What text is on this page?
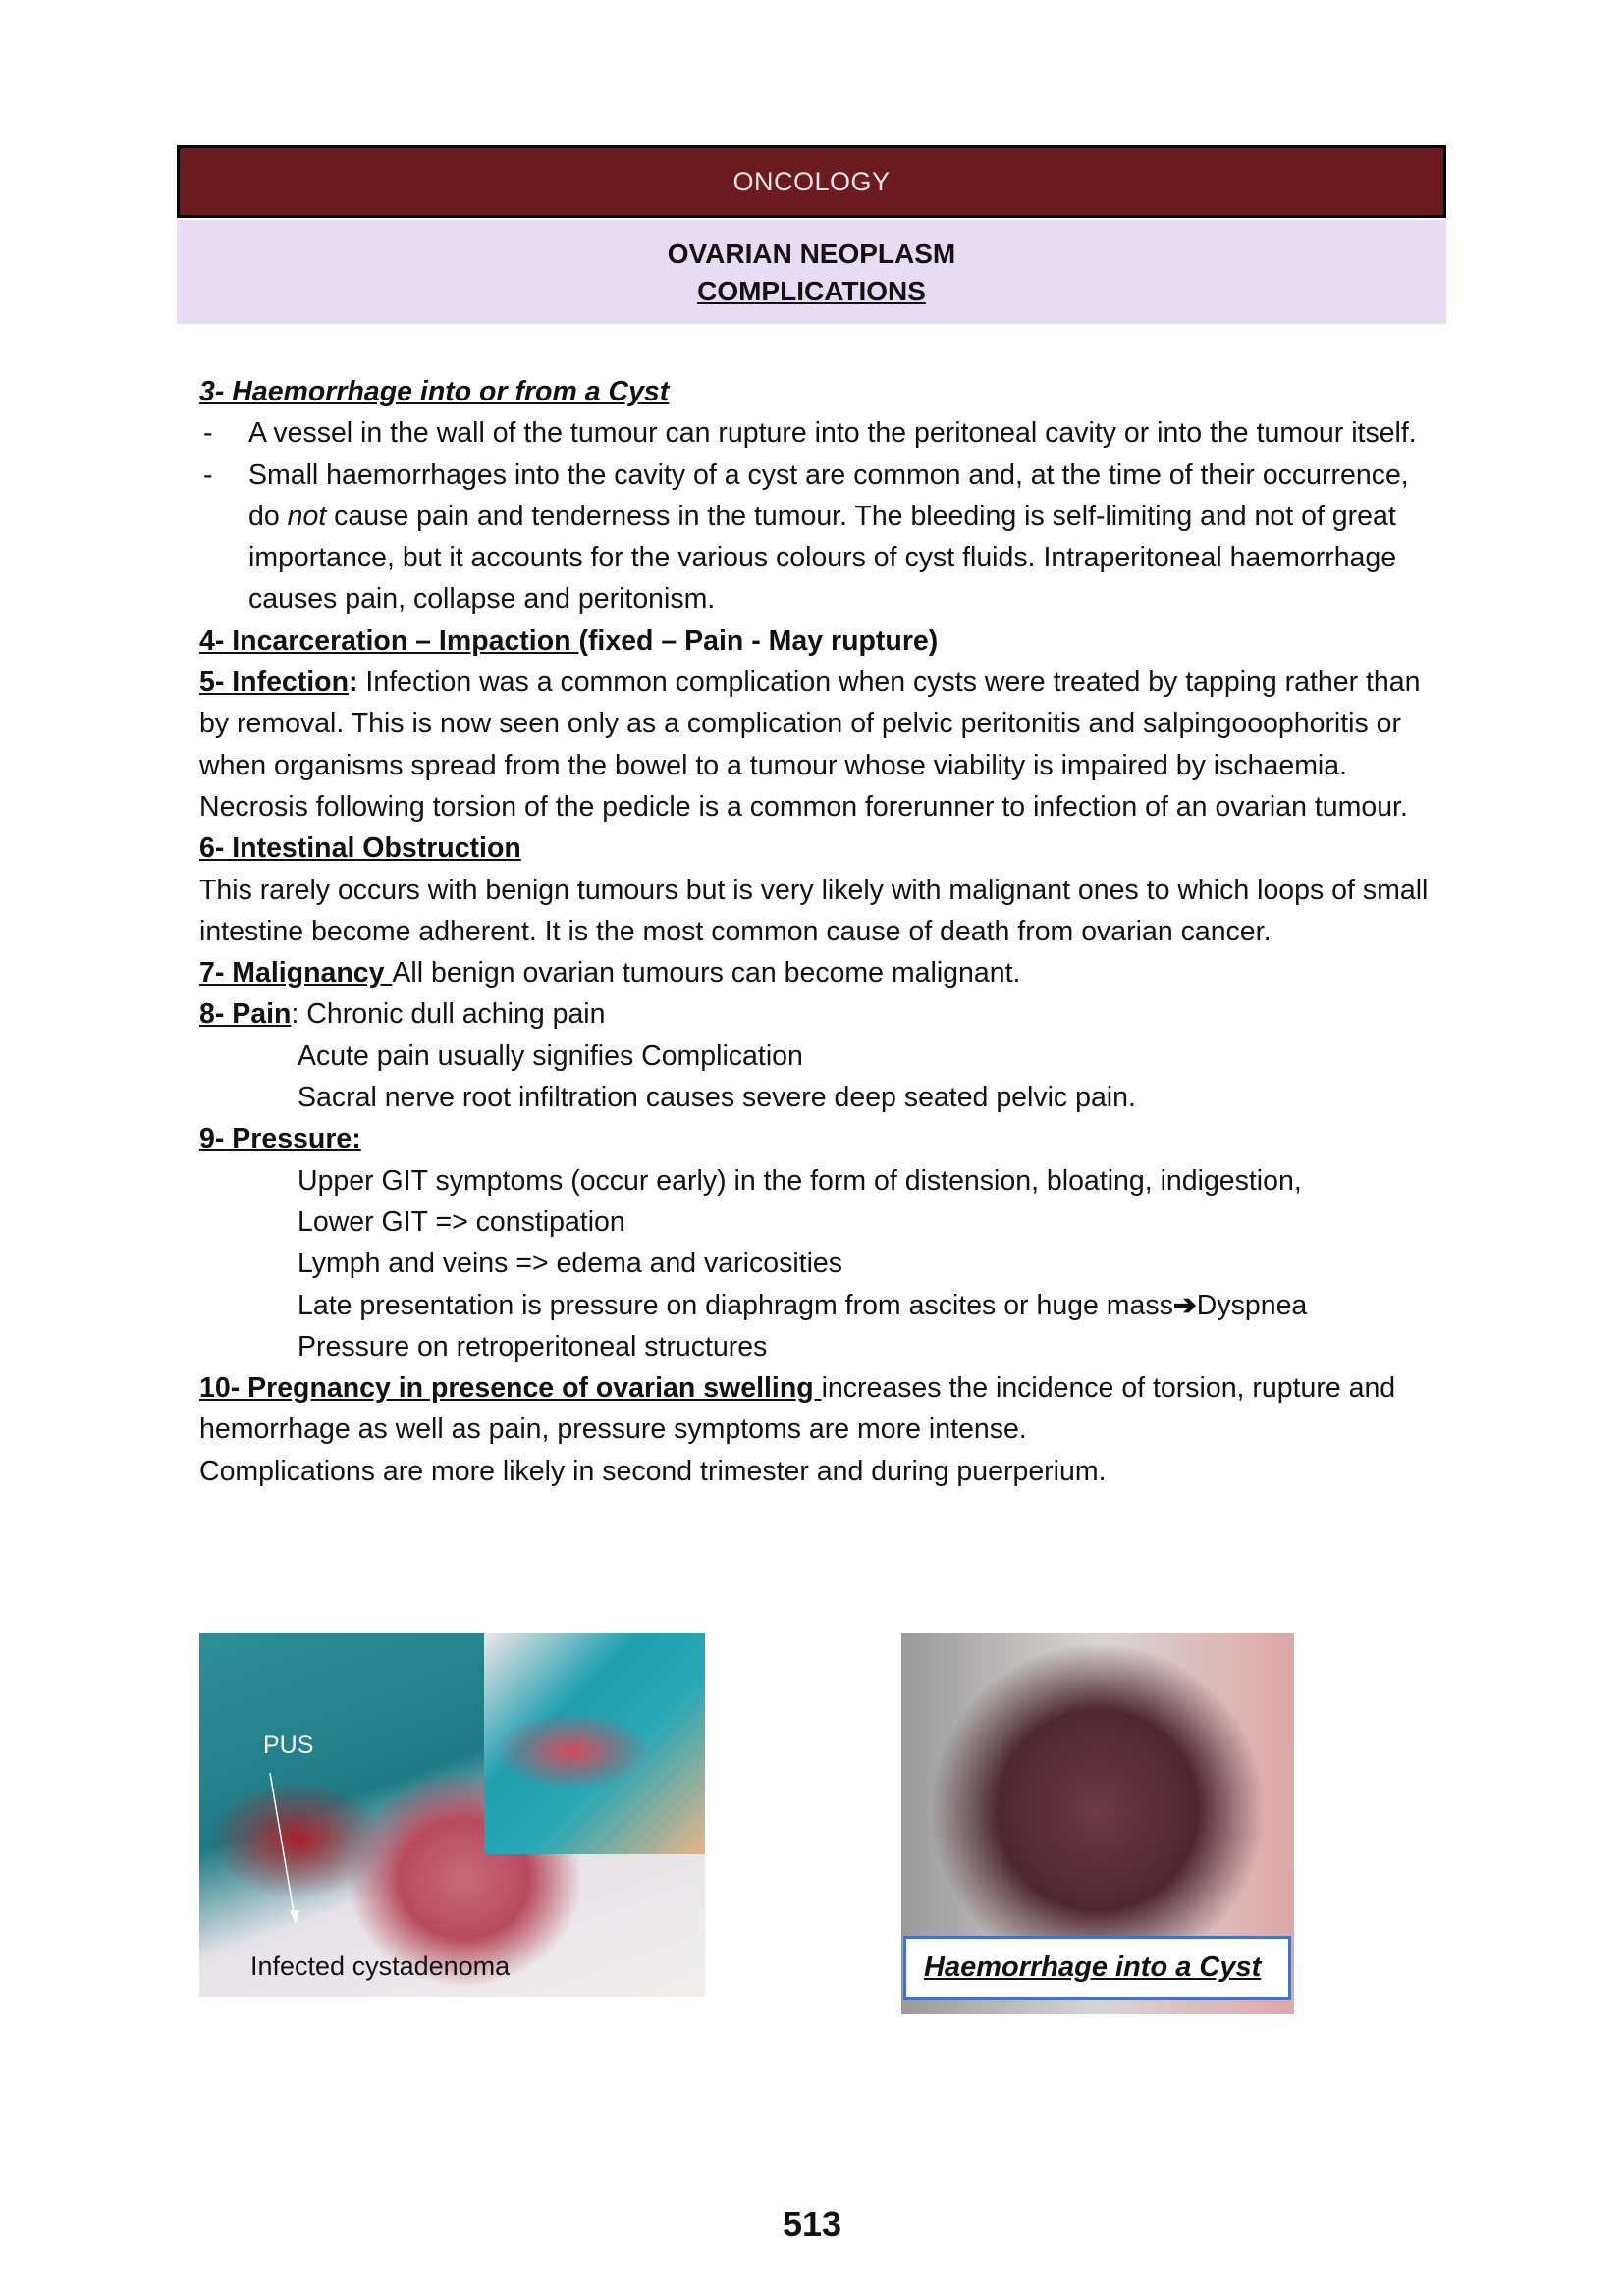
ONCOLOGY
OVARIAN NEOPLASM
COMPLICATIONS

3- Haemorrhage into or from a Cyst

- A vessel in the wall of the tumour can rupture into the peritoneal cavity or into the tumour itself.

- Small haemorrhages into the cavity of a cyst are common and, at the time of their occurrence, do not cause pain and tenderness in the tumour. The bleeding is self-limiting and not of great importance, but it accounts for the various colours of cyst fluids. Intraperitoneal haemorrhage causes pain, collapse and peritonism.

4- Incarceration – Impaction (fixed – Pain - May rupture)

5- Infection: Infection was a common complication when cysts were treated by tapping rather than by removal. This is now seen only as a complication of pelvic peritonitis and salpingooophoritis or when organisms spread from the bowel to a tumour whose viability is impaired by ischaemia. Necrosis following torsion of the pedicle is a common forerunner to infection of an ovarian tumour.

6- Intestinal Obstruction

This rarely occurs with benign tumours but is very likely with malignant ones to which loops of small intestine become adherent. It is the most common cause of death from ovarian cancer.

7- Malignancy All benign ovarian tumours can become malignant.

8- Pain: Chronic dull aching pain

Acute pain usually signifies Complication

Sacral nerve root infiltration causes severe deep seated pelvic pain.

9- Pressure:

Upper GIT symptoms (occur early) in the form of distension, bloating, indigestion,

Lower GIT => constipation

Lymph and veins => edema and varicosities

Late presentation is pressure on diaphragm from ascites or huge mass➔Dyspnea

Pressure on retroperitoneal structures

10- Pregnancy in presence of ovarian swelling increases the incidence of torsion, rupture and hemorrhage as well as pain, pressure symptoms are more intense.

Complications are more likely in second trimester and during puerperium.

PUS
Infected cystadenoma	Haemorrhage into a Cyst
513
